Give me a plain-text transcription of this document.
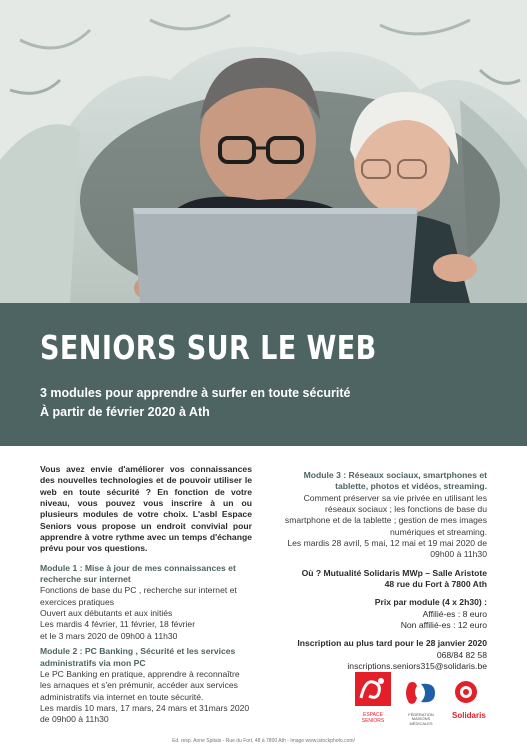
SENIORS SUR LE WEB
3 modules pour apprendre à surfer en toute sécurité
À partir de février 2020 à Ath

Vous avez envie d'améliorer vos connaissances des nouvelles technologies et de pouvoir utiliser le web en toute sécurité ? En fonction de votre niveau, vous pouvez vous inscrire à un ou plusieurs modules de votre choix. L'asbl Espace Seniors vous propose un endroit convivial pour apprendre à votre rythme avec un temps d'échange prévu pour vos questions.

Module 1 : Mise à jour de mes connaissances et recherche sur internet
Fonctions de base du PC , recherche sur internet et exercices pratiques
Ouvert aux débutants et aux initiés
Les mardis 4 février, 11 février, 18 février
et le 3 mars 2020 de 09h00 à 11h30
Module 2 : PC Banking , Sécurité et les services administratifs via mon PC
Le PC Banking en pratique, apprendre à reconnaître les arnaques et s'en prémunir, accéder aux services administratifs via internet en toute sécurité.
Les mardis 10 mars, 17 mars, 24 mars et 31mars 2020 de 09h00 à 11h30
Module 3 : Réseaux sociaux, smartphones et tablette, photos et vidéos, streaming.
Comment préserver sa vie privée en utilisant les réseaux sociaux ; les fonctions de base du smartphone et de la tablette ; gestion de mes images numériques et streaming.
Les mardis 28 avril, 5 mai, 12 mai et 19 mai 2020 de 09h00 à 11h30
Où ? Mutualité Solidaris MWp – Salle Aristote
48 rue du Fort à 7800 Ath
Prix par module (4 x 2h30) :
Affilié-es : 8 euro
Non affilié-es : 12 euro
Inscription au plus tard pour le 28 janvier 2020
068/84 82 58
inscriptions.seniors315@solidaris.be
ESPACE
SENIORS
FÉDÉRATION MAISONS MÉDICALES
Solidaris
Ed. resp. Anne Spitals - Rue du Fort, 48 à 7800 Ath - Image www.istockphoto.com/
